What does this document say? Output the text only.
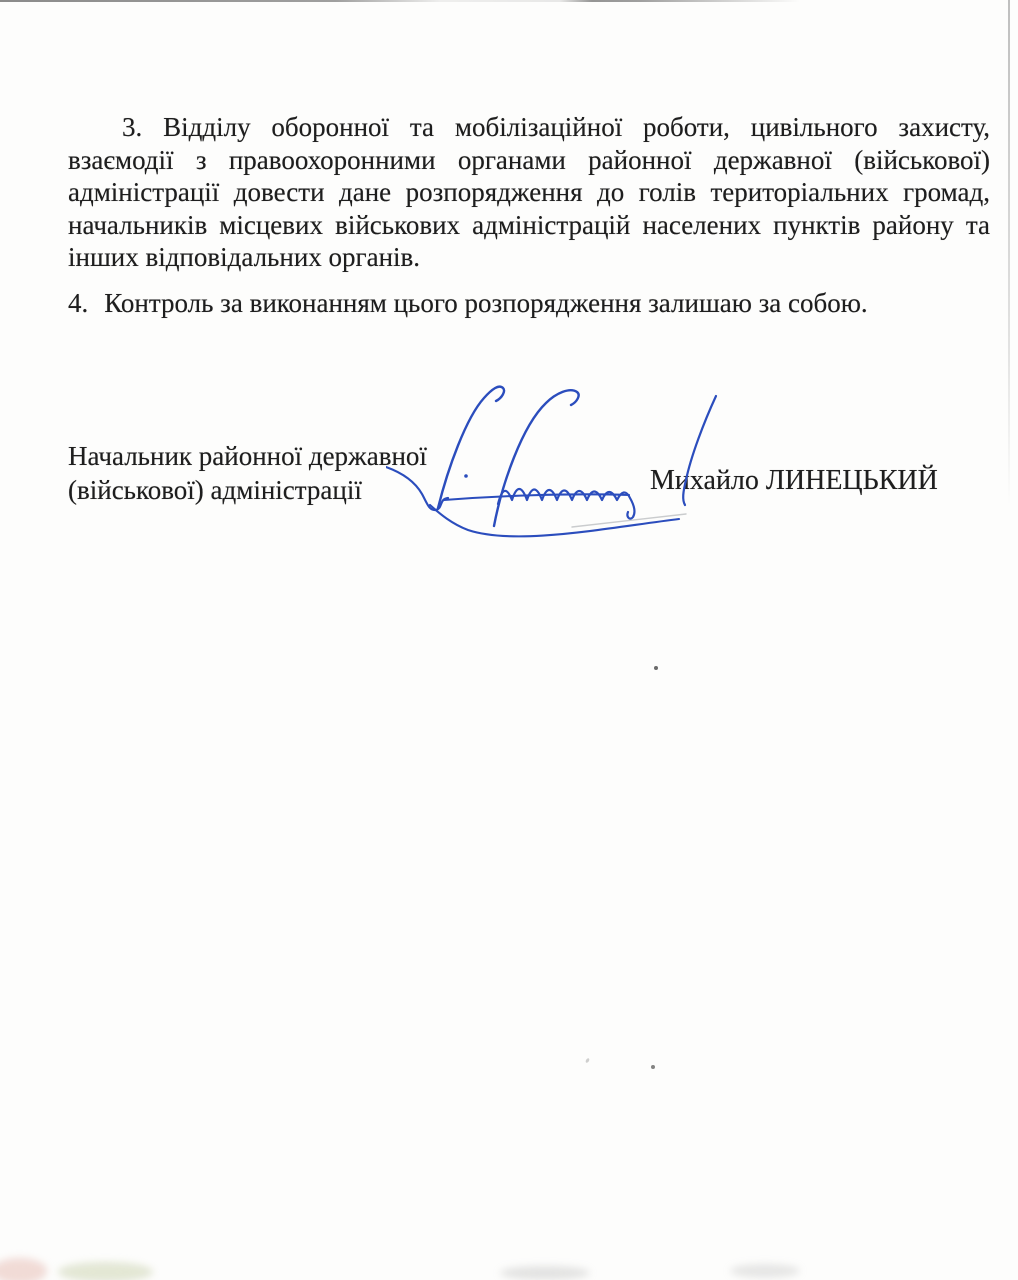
3. Відділу оборонної та мобілізаційної роботи, цивільного захисту, взаємодії з правоохоронними органами районної державної (військової) адміністрації довести дане розпорядження до голів територіальних громад, начальників місцевих військових адміністрацій населених пунктів району та інших відповідальних органів.

4. Контроль за виконанням цього розпорядження залишаю за собою.

Начальник районної державної
(військової) адміністрації	Михайло ЛИНЕЦЬКИЙ
